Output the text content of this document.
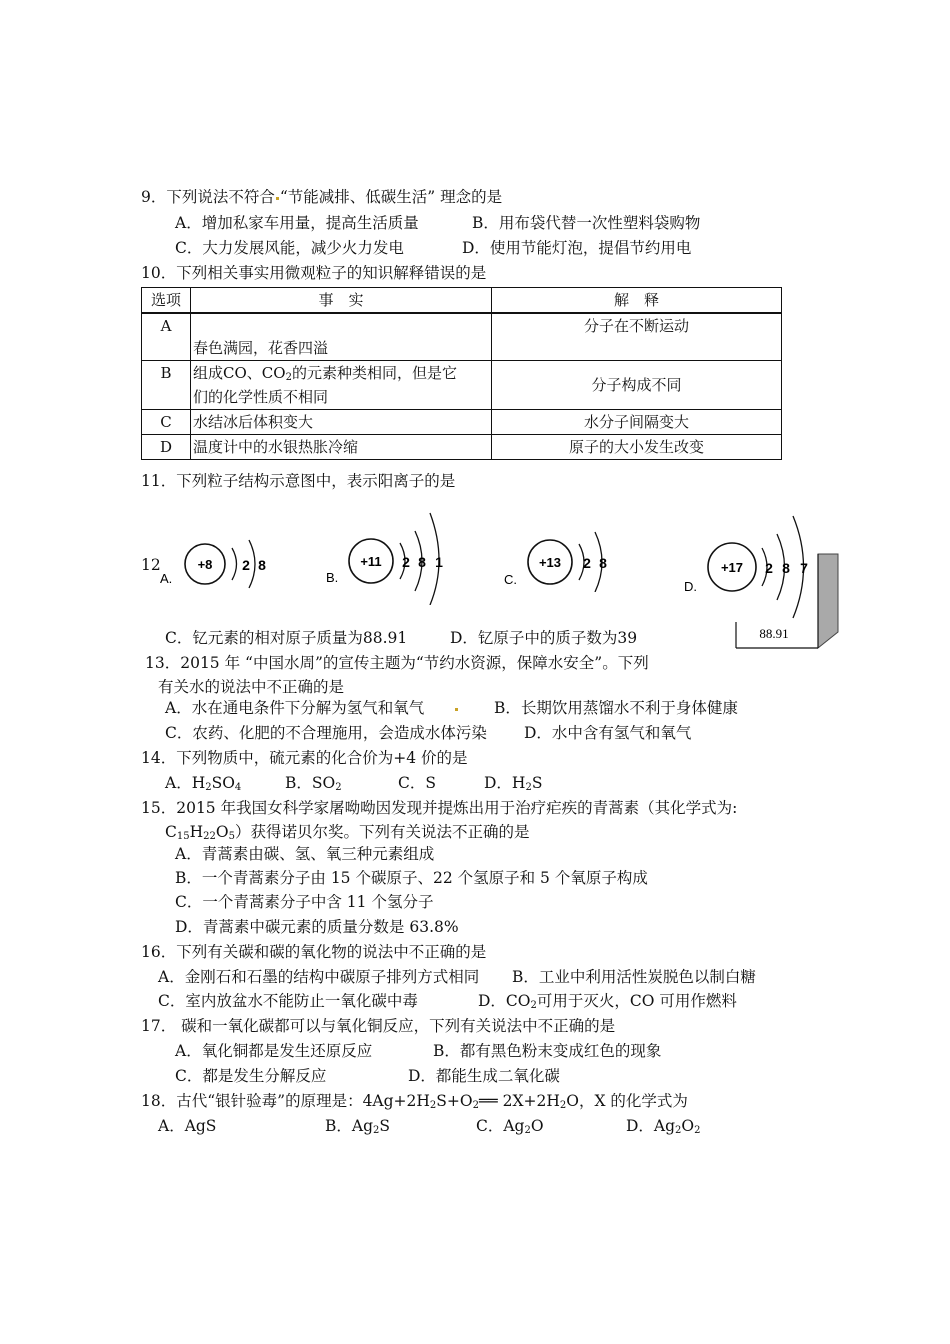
9．下列说法不符合 “节能减排、低碳生活” 理念的是
A．增加私家车用量，提高生活质量	B．用布袋代替一次性塑料袋购物
C．大力发展风能，减少火力发电	D．使用节能灯泡，提倡节约用电
10．下列相关事实用微观粒子的知识解释错误的是
选项	事　实	解　释
A	春色满园，花香四溢	分子在不断运动
B	组成CO、$CO_2$的元素种类相同，但是它
们的化学性质不相同	分子构成不同
C	水结冰后体积变大	水分子间隔变大
D	温度计中的水银热胀冷缩	原子的大小发生改变
11．下列粒子结构示意图中，表示阳离子的是
A.
+8 2 8
B.
+11 2 8 1
C.
+13 2 8
D.
+17 2 8 7
12
88.91
C．钇元素的相对原子质量为88.91	D．钇原子中的质子数为39
13．2015 年 “中国水周”的宣传主题为“节约水资源，保障水安全”。下列
有关水的说法中不正确的是
A．水在通电条件下分解为氢气和氧气	B．长期饮用蒸馏水不利于身体健康
C．农药、化肥的不合理施用，会造成水体污染 D．水中含有氢气和氧气
14．下列物质中，硫元素的化合价为+4 价的是
A．$H_2SO_4$	B．$SO_2$	C．S	D．$H_2S$
15．2015 年我国女科学家屠呦呦因发现并提炼出用于治疗疟疾的青蒿素（其化学式为:
$C_{15}H_{22}O_5$）获得诺贝尔奖。下列有关说法不正确的是
A．青蒿素由碳、氢、氧三种元素组成
B．一个青蒿素分子由 15 个碳原子、22 个氢原子和 5 个氧原子构成
C．一个青蒿素分子中含 11 个氢分子
D．青蒿素中碳元素的质量分数是 63.8%
16．下列有关碳和碳的氧化物的说法中不正确的是
A．金刚石和石墨的结构中碳原子排列方式相同 B．工业中利用活性炭脱色以制白糖
C．室内放盆水不能防止一氧化碳中毒	D．$CO_2$可用于灭火，CO 可用作燃料
17． 碳和一氧化碳都可以与氧化铜反应，下列有关说法中不正确的是
A．氧化铜都是发生还原反应	B．都有黑色粉末变成红色的现象
C．都是发生分解反应	D．都能生成二氧化碳
18．古代“银针验毒”的原理是：$4Ag+2H_2S+O_2══$ $2X+2H_2O$，X 的化学式为
A．AgS	B．$Ag_2S$	C．$Ag_2O$	D．$Ag_2O_2$
